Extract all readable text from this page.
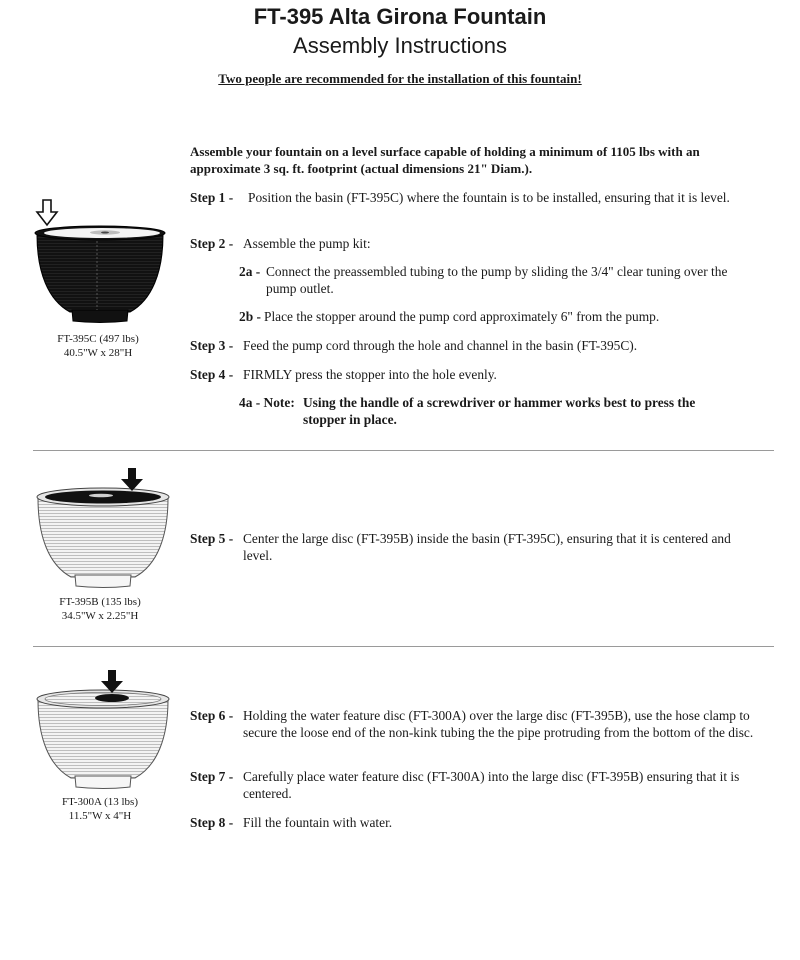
FT-395 Alta Girona Fountain
Assembly Instructions
Two people are recommended for the installation of this fountain!
Assemble your fountain on a level surface capable of holding a minimum of 1105 lbs with an approximate 3 sq. ft. footprint (actual dimensions 21" Diam.).
FT-395C (497 lbs)
40.5"W x 28"H
Step 1 -	Position the basin (FT-395C) where the fountain is to be installed, ensuring that it is level.
Step 2 - Assemble the pump kit:
2a - Connect the preassembled tubing to the pump by sliding the 3/4" clear tuning over the pump outlet.
2b - Place the stopper around the pump cord approximately 6" from the pump.
Step 3 - Feed the pump cord through the hole and channel in the basin (FT-395C).
Step 4 - FIRMLY press the stopper into the hole evenly.
4a - Note: Using the handle of a screwdriver or hammer works best to press the stopper in place.
FT-395B (135 lbs)
34.5"W x 2.25"H
Step 5 - Center the large disc (FT-395B) inside the basin (FT-395C), ensuring that it is centered and level.
FT-300A (13 lbs)
11.5"W x 4"H
Step 6 - Holding the water feature disc (FT-300A) over the large disc (FT-395B), use the hose clamp to secure the loose end of the non-kink tubing the the pipe protruding from the bottom of the disc.
Step 7 - Carefully place water feature disc (FT-300A) into the large disc (FT-395B) ensuring that it is centered.
Step 8 - Fill the fountain with water.
